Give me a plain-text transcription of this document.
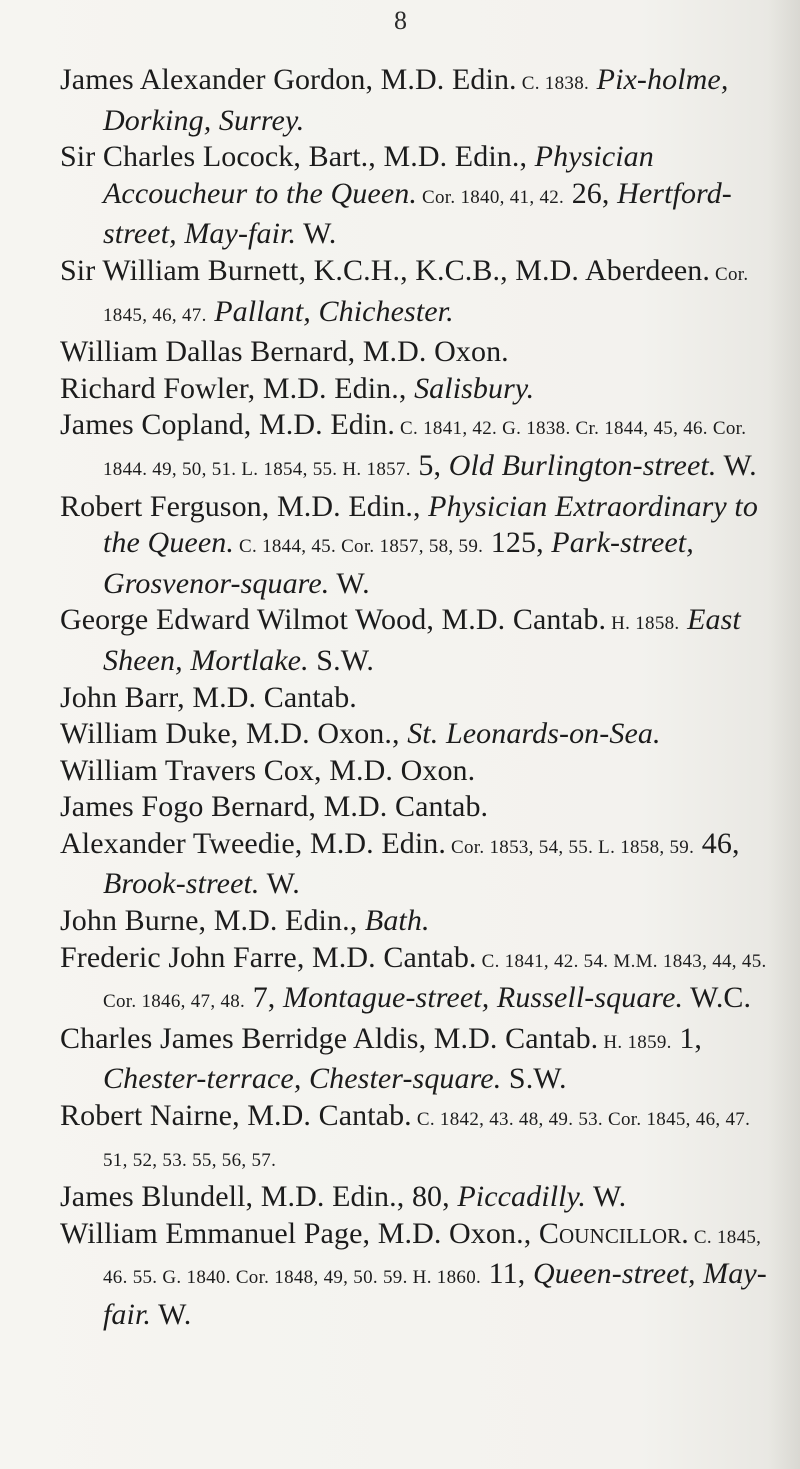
8

James Alexander Gordon, M.D. Edin. C. 1838. Pix-holme, Dorking, Surrey.

Sir Charles Locock, Bart., M.D. Edin., Physician Accoucheur to the Queen. Cor. 1840, 41, 42. 26, Hertford-street, May-fair. W.

Sir William Burnett, K.C.H., K.C.B., M.D. Aberdeen. Cor. 1845, 46, 47. Pallant, Chichester.

William Dallas Bernard, M.D. Oxon.

Richard Fowler, M.D. Edin., Salisbury.

James Copland, M.D. Edin. C. 1841, 42. G. 1838. Cr. 1844, 45, 46. Cor. 1844. 49, 50, 51. L. 1854, 55. H. 1857. 5, Old Burlington-street. W.

Robert Ferguson, M.D. Edin., Physician Extraordinary to the Queen. C. 1844, 45. Cor. 1857, 58, 59. 125, Park-street, Grosvenor-square. W.

George Edward Wilmot Wood, M.D. Cantab. H. 1858. East Sheen, Mortlake. S.W.

John Barr, M.D. Cantab.

William Duke, M.D. Oxon., St. Leonards-on-Sea.

William Travers Cox, M.D. Oxon.

James Fogo Bernard, M.D. Cantab.

Alexander Tweedie, M.D. Edin. Cor. 1853, 54, 55. L. 1858, 59. 46, Brook-street. W.

John Burne, M.D. Edin., Bath.

Frederic John Farre, M.D. Cantab. C. 1841, 42. 54. M.M. 1843, 44, 45. Cor. 1846, 47, 48. 7, Montague-street, Russell-square. W.C.

Charles James Berridge Aldis, M.D. Cantab. H. 1859. 1, Chester-terrace, Chester-square. S.W.

Robert Nairne, M.D. Cantab. C. 1842, 43. 48, 49. 53. Cor. 1845, 46, 47. 51, 52, 53. 55, 56, 57.

James Blundell, M.D. Edin., 80, Piccadilly. W.

William Emmanuel Page, M.D. Oxon., Councillor. C. 1845, 46. 55. G. 1840. Cor. 1848, 49, 50. 59. H. 1860. 11, Queen-street, May-fair. W.
